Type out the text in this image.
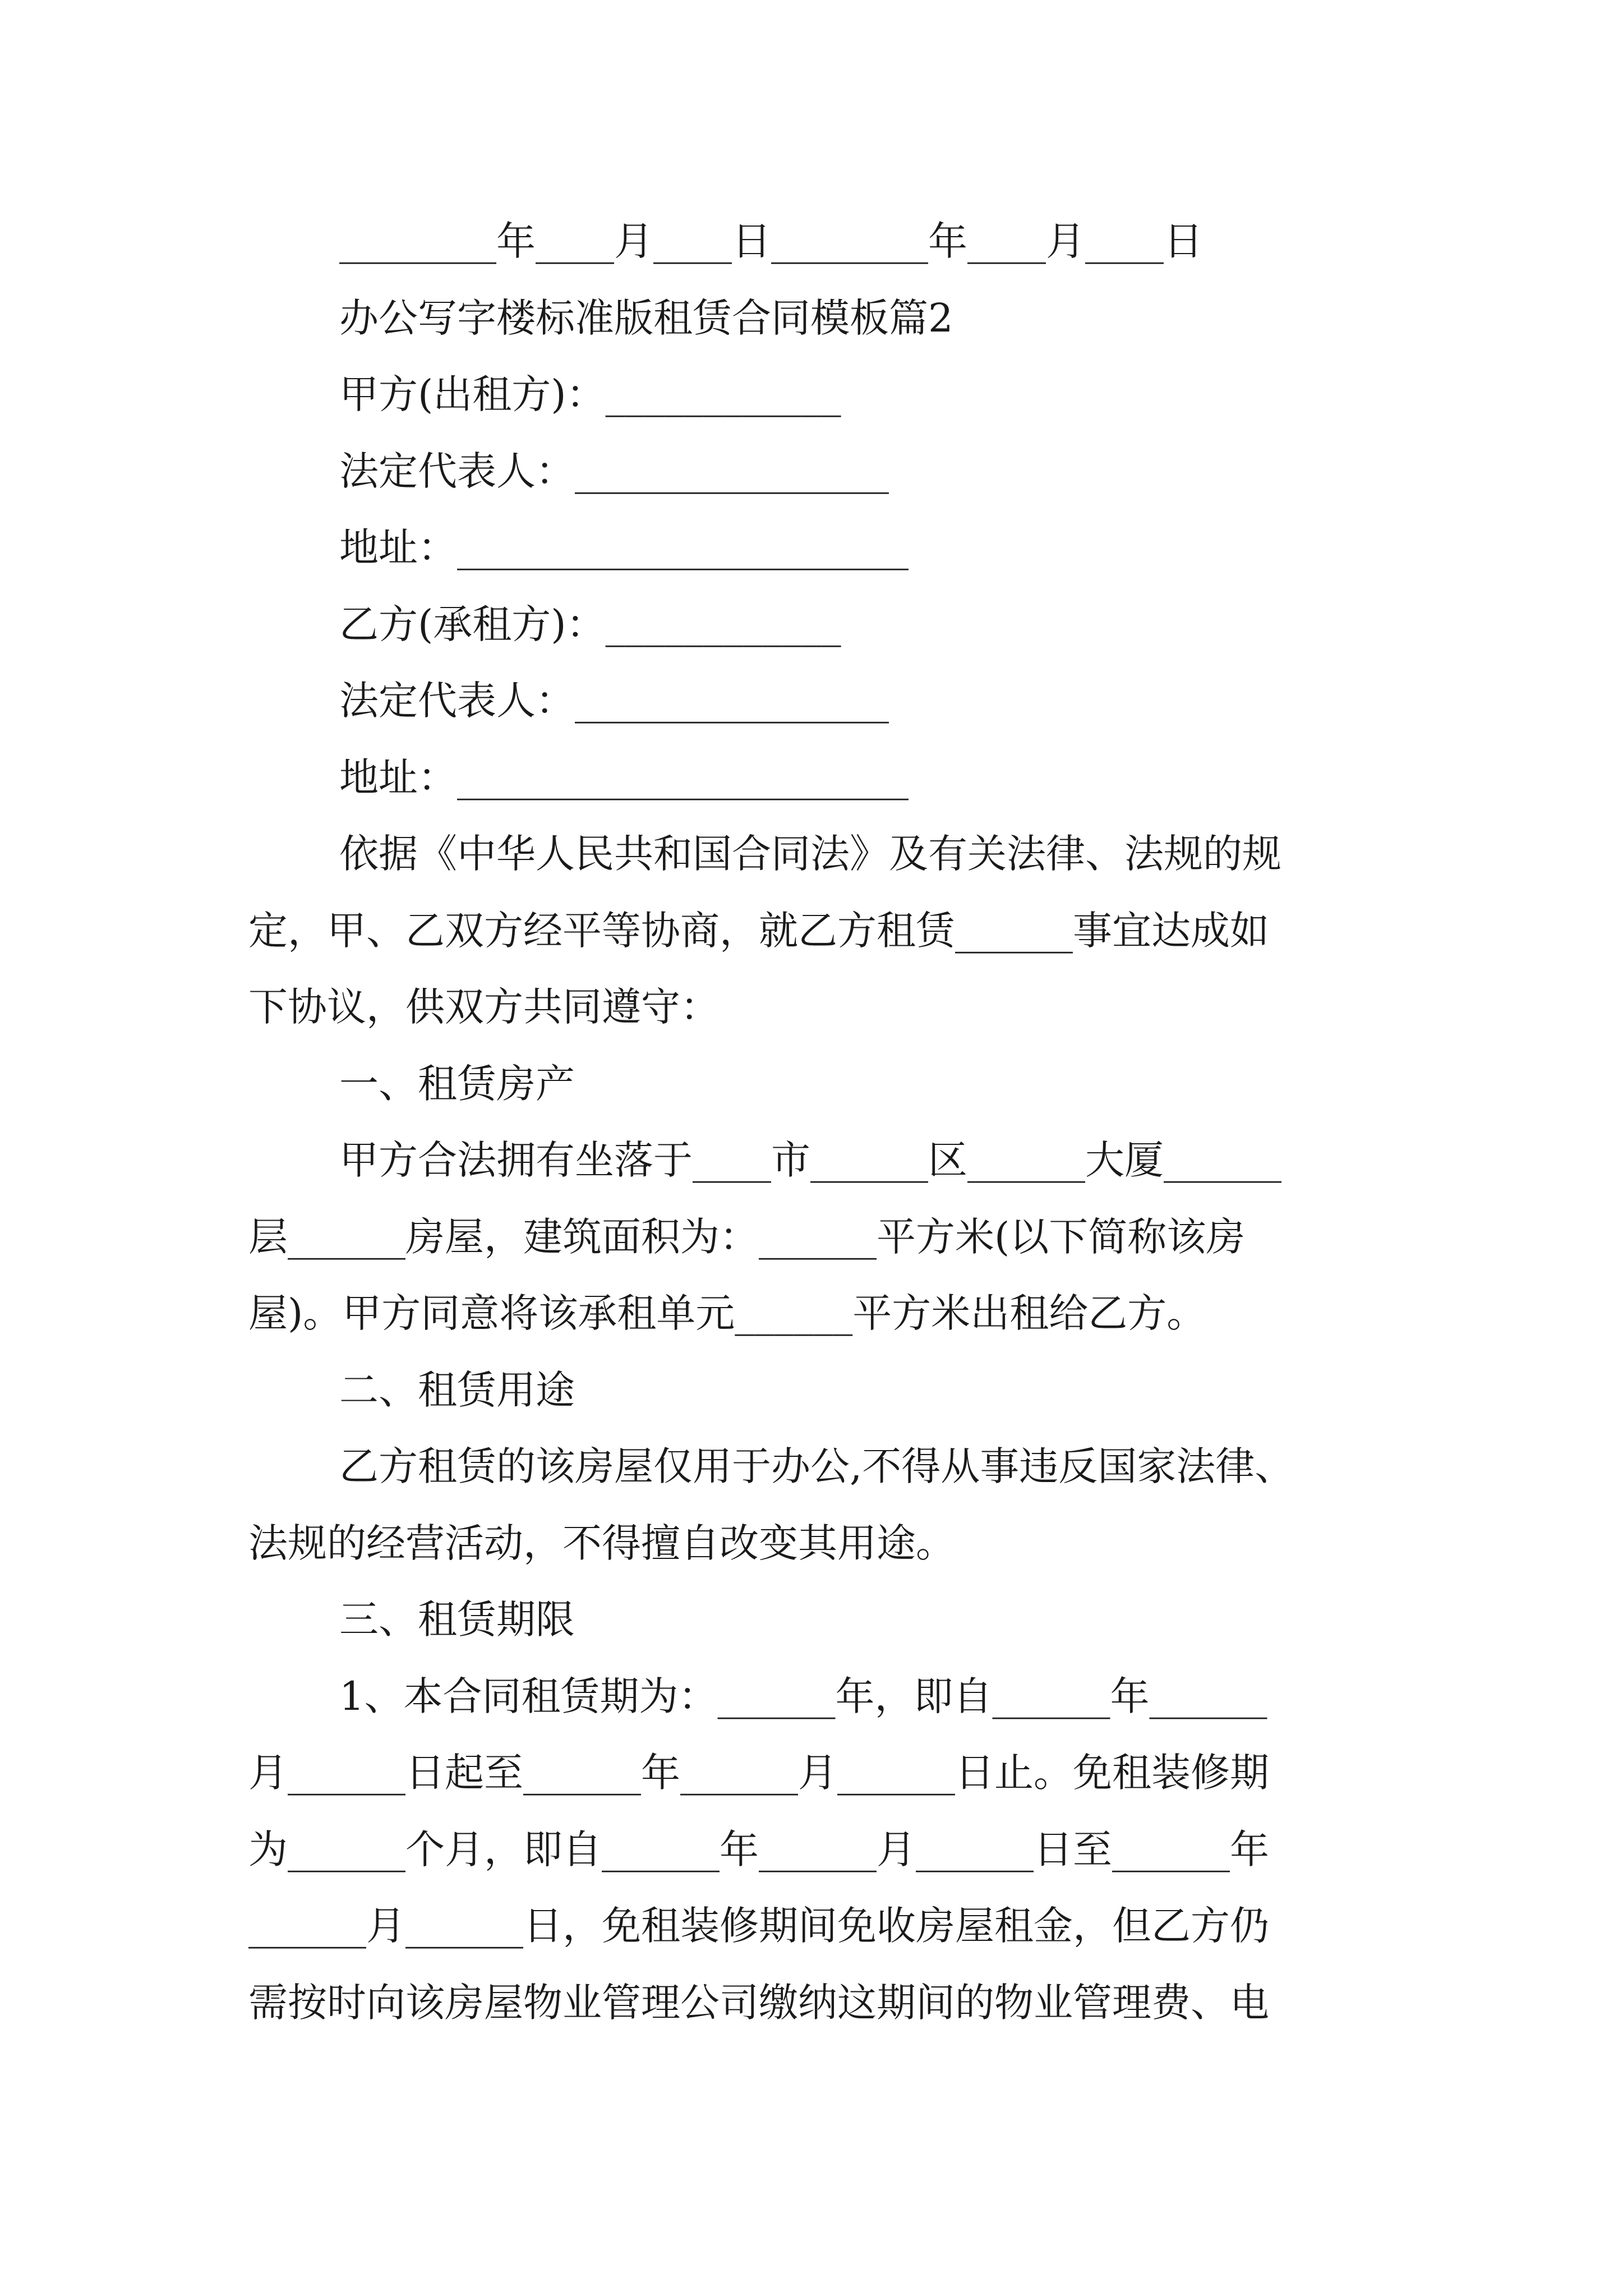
________年____月____日________年____月____日
办公写字楼标准版租赁合同模板篇2
甲方(出租方)：____________
法定代表人：________________
地址：_______________________
乙方(承租方)：____________
法定代表人：________________
地址：_______________________
依据《中华人民共和国合同法》及有关法律、法规的规
定，甲、乙双方经平等协商，就乙方租赁______事宜达成如
下协议，供双方共同遵守：
一、租赁房产
甲方合法拥有坐落于____市______区______大厦______
层______房屋，建筑面积为：______平方米(以下简称该房
屋)。甲方同意将该承租单元______平方米出租给乙方。
二、租赁用途
乙方租赁的该房屋仅用于办公,不得从事违反国家法律、
法规的经营活动，不得擅自改变其用途。
三、租赁期限
1、本合同租赁期为：______年，即自______年______
月______日起至______年______月______日止。免租装修期
为______个月，即自______年______月______日至______年
______月______日，免租装修期间免收房屋租金，但乙方仍
需按时向该房屋物业管理公司缴纳这期间的物业管理费、电
